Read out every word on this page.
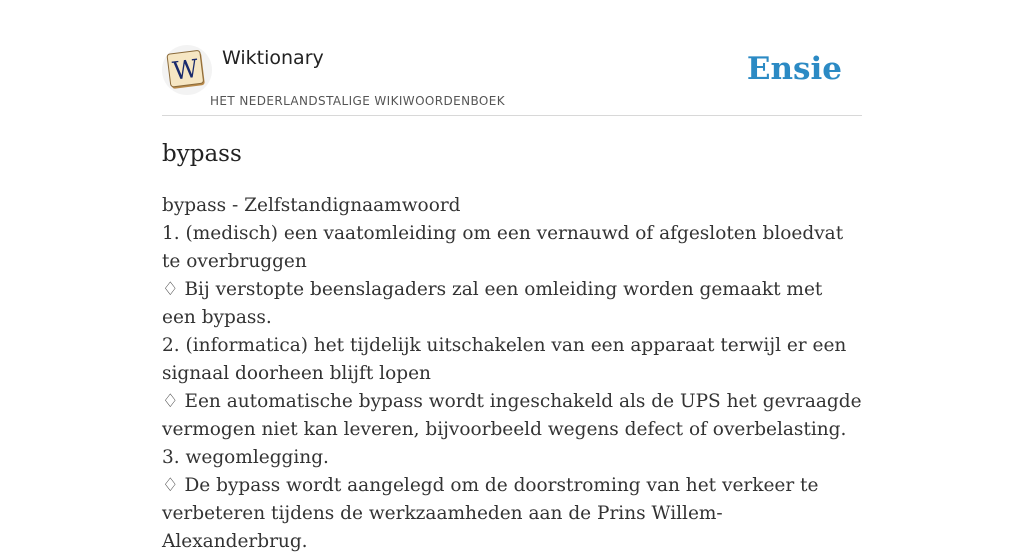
W Wiktionary	Ensie
HET NEDERLANDSTALIGE WIKIWOORDENBOEK
bypass

bypass - Zelfstandignaamwoord

1. (medisch) een vaatomleiding om een vernauwd of afgesloten bloedvat te overbruggen

♢ Bij verstopte beenslagaders zal een omleiding worden gemaakt met een bypass.

2. (informatica) het tijdelijk uitschakelen van een apparaat terwijl er een signaal doorheen blijft lopen

♢ Een automatische bypass wordt ingeschakeld als de UPS het gevraagde vermogen niet kan leveren, bijvoorbeeld wegens defect of overbelasting.

3. wegomlegging.

♢ De bypass wordt aangelegd om de doorstroming van het verkeer te verbeteren tijdens de werkzaamheden aan de Prins Willem-Alexanderbrug.
